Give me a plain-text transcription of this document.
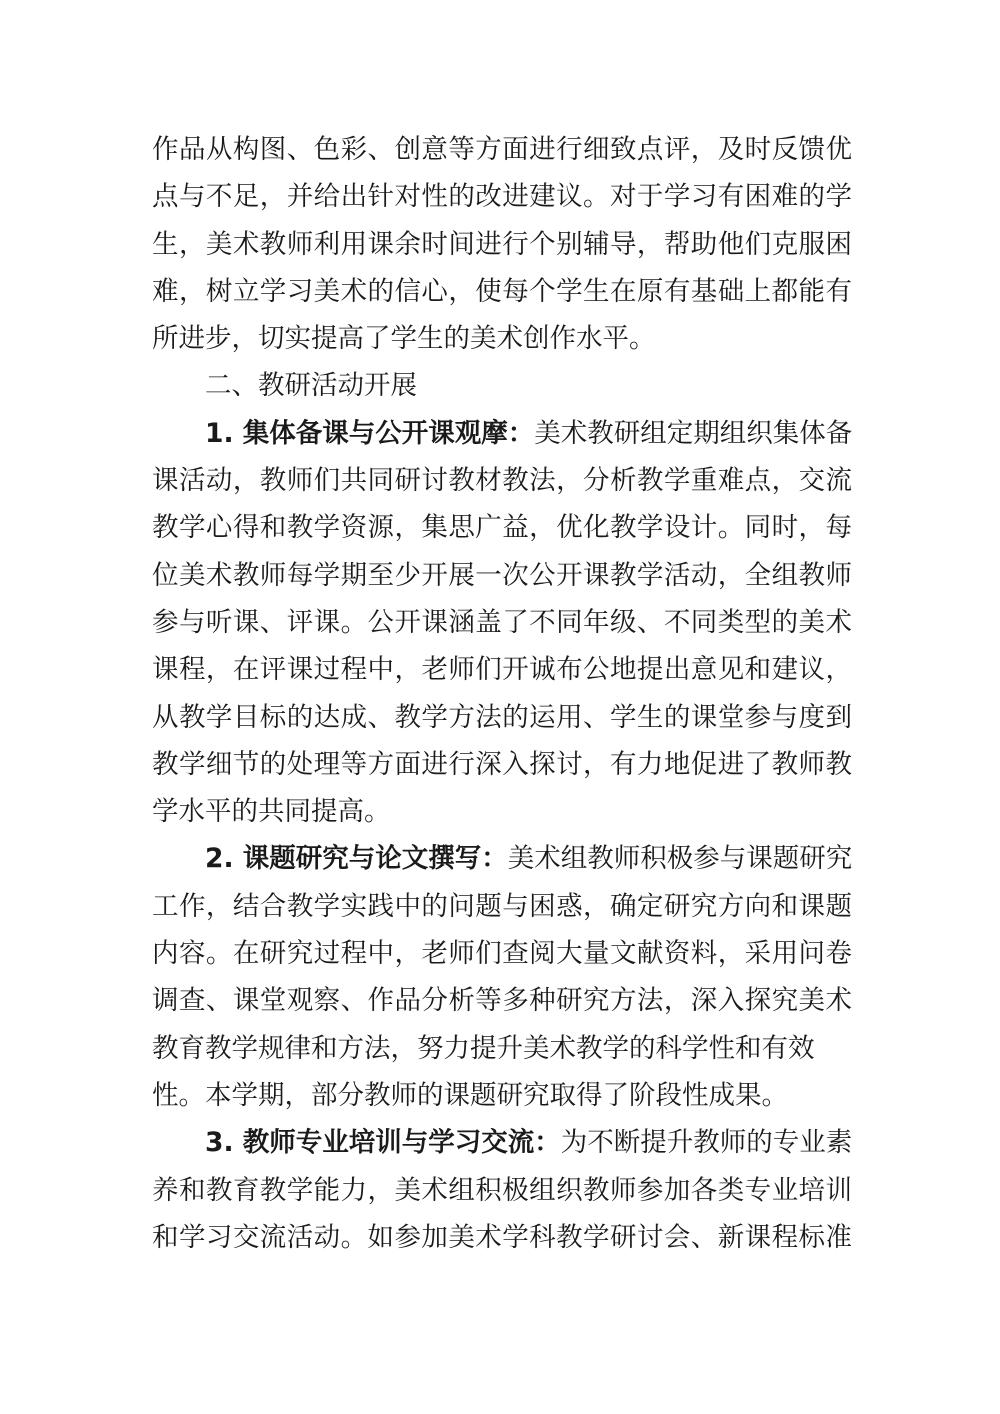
作品从构图、色彩、创意等方面进行细致点评，及时反馈优
点与不足，并给出针对性的改进建议。对于学习有困难的学
生，美术教师利用课余时间进行个别辅导，帮助他们克服困
难，树立学习美术的信心，使每个学生在原有基础上都能有
所进步，切实提高了学生的美术创作水平。
二、教研活动开展
1. 集体备课与公开课观摩：美术教研组定期组织集体备
课活动，教师们共同研讨教材教法，分析教学重难点，交流
教学心得和教学资源，集思广益，优化教学设计。同时，每
位美术教师每学期至少开展一次公开课教学活动，全组教师
参与听课、评课。公开课涵盖了不同年级、不同类型的美术
课程，在评课过程中，老师们开诚布公地提出意见和建议，
从教学目标的达成、教学方法的运用、学生的课堂参与度到
教学细节的处理等方面进行深入探讨，有力地促进了教师教
学水平的共同提高。
2. 课题研究与论文撰写：美术组教师积极参与课题研究
工作，结合教学实践中的问题与困惑，确定研究方向和课题
内容。在研究过程中，老师们查阅大量文献资料，采用问卷
调查、课堂观察、作品分析等多种研究方法，深入探究美术
教育教学规律和方法，努力提升美术教学的科学性和有效
性。本学期，部分教师的课题研究取得了阶段性成果。
3. 教师专业培训与学习交流：为不断提升教师的专业素
养和教育教学能力，美术组积极组织教师参加各类专业培训
和学习交流活动。如参加美术学科教学研讨会、新课程标准
